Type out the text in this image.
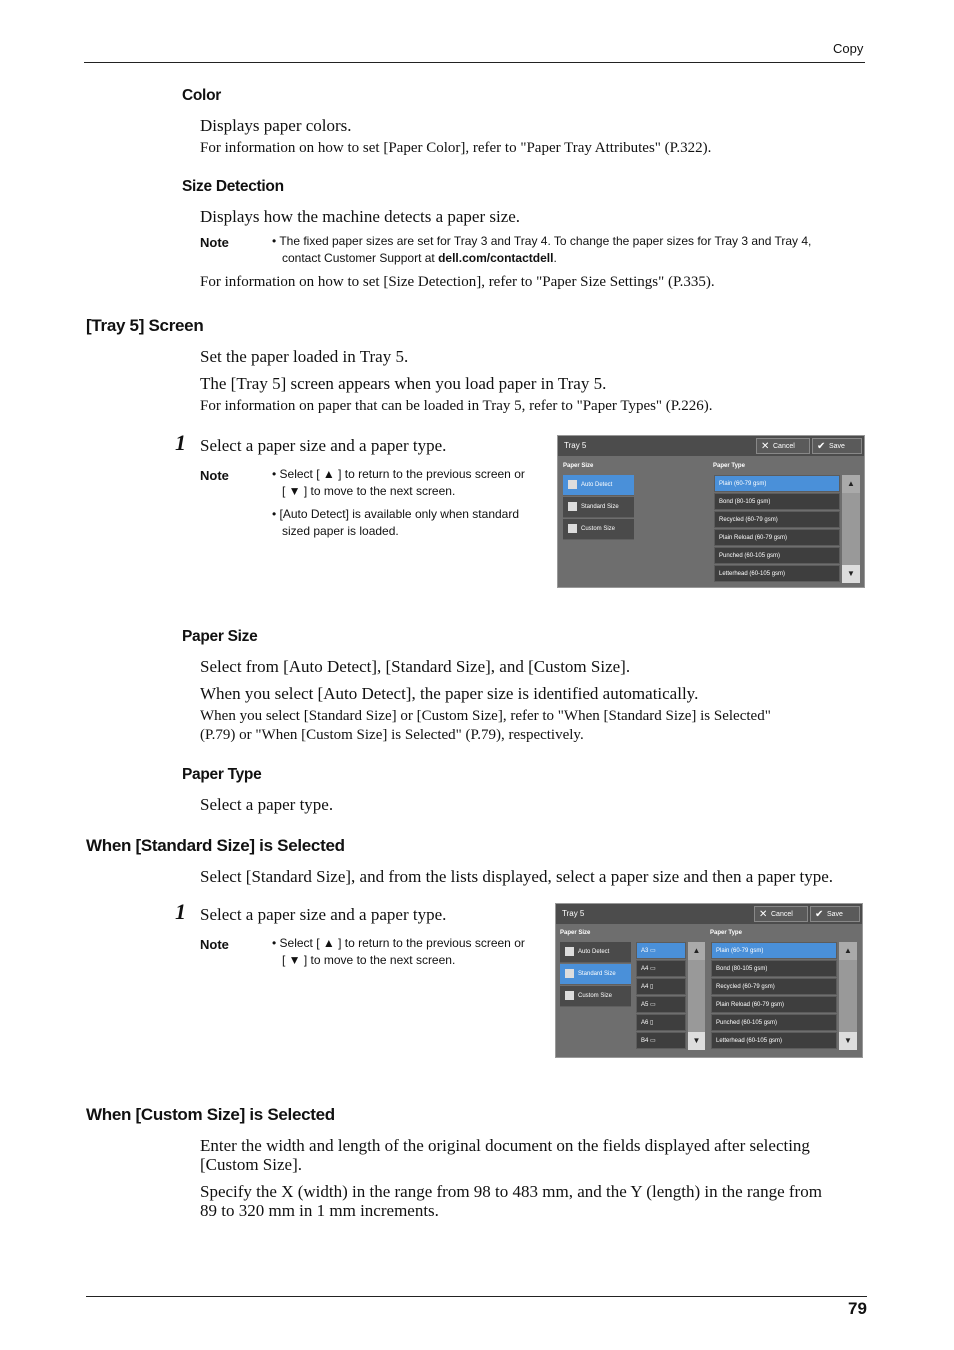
Copy
Color
Displays paper colors.
For information on how to set [Paper Color], refer to "Paper Tray Attributes" (P.322).
Size Detection
Displays how the machine detects a paper size.
Note	• The fixed paper sizes are set for Tray 3 and Tray 4. To change the paper sizes for Tray 3 and Tray 4,
contact Customer Support at dell.com/contactdell.
For information on how to set [Size Detection], refer to "Paper Size Settings" (P.335).
[Tray 5] Screen
Set the paper loaded in Tray 5.
The [Tray 5] screen appears when you load paper in Tray 5.
For information on paper that can be loaded in Tray 5, refer to "Paper Types" (P.226).
1 Select a paper size and a paper type.
Note	• Select [ ▲ ] to return to the previous screen or
[ ▼ ] to move to the next screen.
• [Auto Detect] is available only when standard
sized paper is loaded.
Tray 5	✕ Cancel	✔ Save
Paper Size	Paper Type
Auto Detect
Standard Size
Custom Size
Plain (60-79 gsm)
Bond (80-105 gsm)
Recycled (60-79 gsm)
Plain Reload (60-79 gsm)
Punched (60-105 gsm)
Letterhead (60-105 gsm)
▲
▼
Paper Size
Select from [Auto Detect], [Standard Size], and [Custom Size].
When you select [Auto Detect], the paper size is identified automatically.
When you select [Standard Size] or [Custom Size], refer to "When [Standard Size] is Selected"
(P.79) or "When [Custom Size] is Selected" (P.79), respectively.
Paper Type
Select a paper type.
When [Standard Size] is Selected
Select [Standard Size], and from the lists displayed, select a paper size and then a paper type.
1 Select a paper size and a paper type.
Note	• Select [ ▲ ] to return to the previous screen or
[ ▼ ] to move to the next screen.
Tray 5	✕ Cancel	✔ Save
Paper Size	Paper Type
Auto Detect
Standard Size
Custom Size
A3 ▭
A4 ▭
A4 ▯
A5 ▭
A6 ▯
B4 ▭
▲
▼
Plain (60-79 gsm)
Bond (80-105 gsm)
Recycled (60-79 gsm)
Plain Reload (60-79 gsm)
Punched (60-105 gsm)
Letterhead (60-105 gsm)
▲
▼
When [Custom Size] is Selected
Enter the width and length of the original document on the fields displayed after selecting
[Custom Size].
Specify the X (width) in the range from 98 to 483 mm, and the Y (length) in the range from
89 to 320 mm in 1 mm increments.
79
